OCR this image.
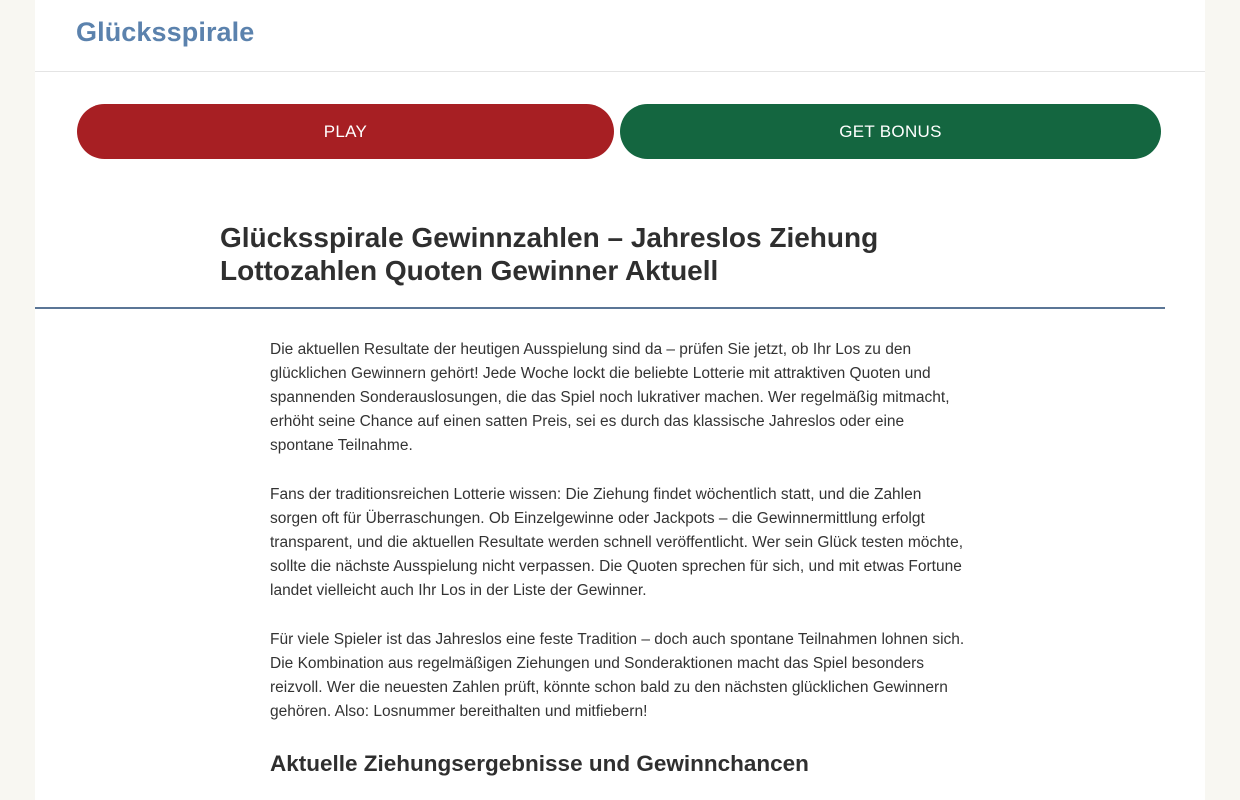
Glücksspirale
PLAY	GET BONUS
Glücksspirale Gewinnzahlen – Jahreslos Ziehung Lottozahlen Quoten Gewinner Aktuell

Die aktuellen Resultate der heutigen Ausspielung sind da – prüfen Sie jetzt, ob Ihr Los zu den glücklichen Gewinnern gehört! Jede Woche lockt die beliebte Lotterie mit attraktiven Quoten und spannenden Sonderauslosungen, die das Spiel noch lukrativer machen. Wer regelmäßig mitmacht, erhöht seine Chance auf einen satten Preis, sei es durch das klassische Jahreslos oder eine spontane Teilnahme.

Fans der traditionsreichen Lotterie wissen: Die Ziehung findet wöchentlich statt, und die Zahlen sorgen oft für Überraschungen. Ob Einzelgewinne oder Jackpots – die Gewinnermittlung erfolgt transparent, und die aktuellen Resultate werden schnell veröffentlicht. Wer sein Glück testen möchte, sollte die nächste Ausspielung nicht verpassen. Die Quoten sprechen für sich, und mit etwas Fortune landet vielleicht auch Ihr Los in der Liste der Gewinner.

Für viele Spieler ist das Jahreslos eine feste Tradition – doch auch spontane Teilnahmen lohnen sich. Die Kombination aus regelmäßigen Ziehungen und Sonderaktionen macht das Spiel besonders reizvoll. Wer die neuesten Zahlen prüft, könnte schon bald zu den nächsten glücklichen Gewinnern gehören. Also: Losnummer bereithalten und mitfiebern!

Aktuelle Ziehungsergebnisse und Gewinnchancen
